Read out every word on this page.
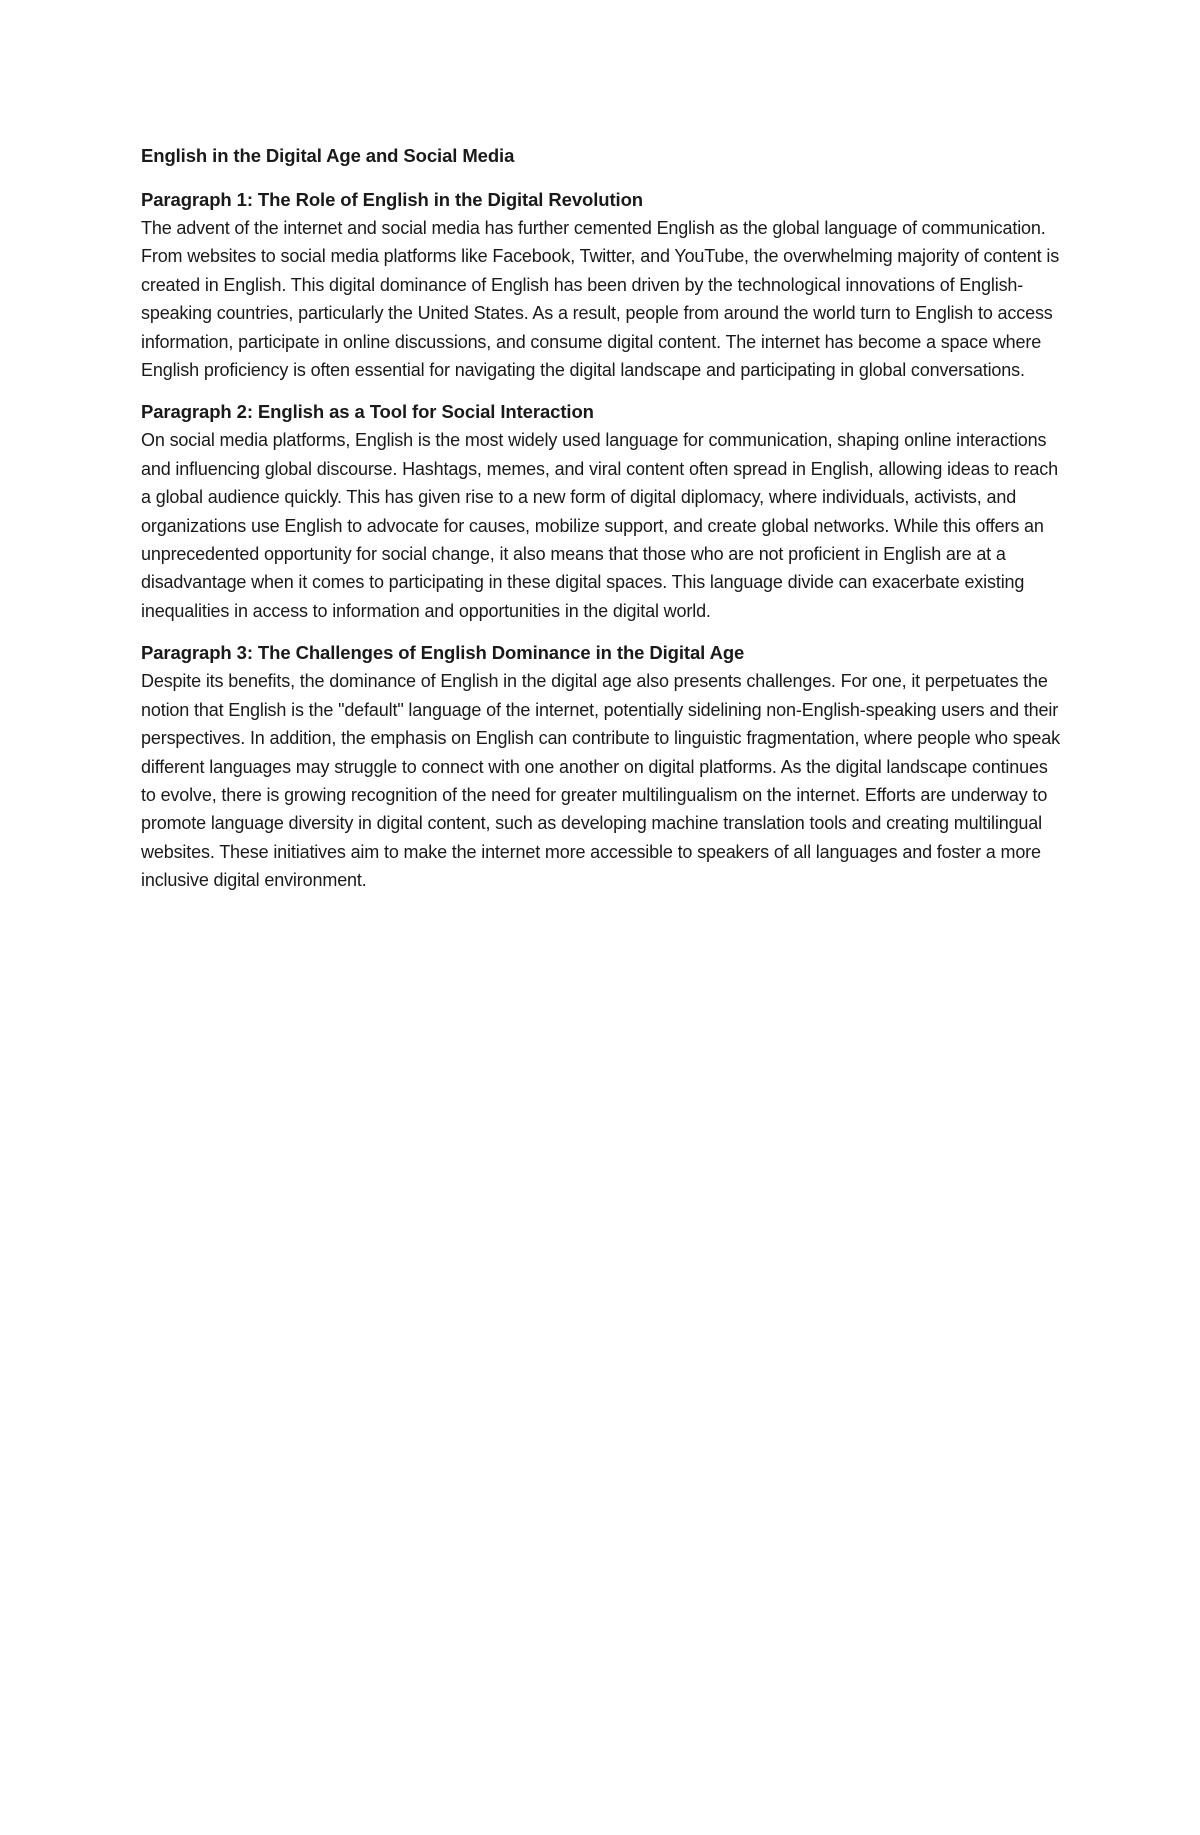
English in the Digital Age and Social Media
Paragraph 1: The Role of English in the Digital Revolution

The advent of the internet and social media has further cemented English as the global language of communication. From websites to social media platforms like Facebook, Twitter, and YouTube, the overwhelming majority of content is created in English. This digital dominance of English has been driven by the technological innovations of English-speaking countries, particularly the United States. As a result, people from around the world turn to English to access information, participate in online discussions, and consume digital content. The internet has become a space where English proficiency is often essential for navigating the digital landscape and participating in global conversations.

Paragraph 2: English as a Tool for Social Interaction

On social media platforms, English is the most widely used language for communication, shaping online interactions and influencing global discourse. Hashtags, memes, and viral content often spread in English, allowing ideas to reach a global audience quickly. This has given rise to a new form of digital diplomacy, where individuals, activists, and organizations use English to advocate for causes, mobilize support, and create global networks. While this offers an unprecedented opportunity for social change, it also means that those who are not proficient in English are at a disadvantage when it comes to participating in these digital spaces. This language divide can exacerbate existing inequalities in access to information and opportunities in the digital world.

Paragraph 3: The Challenges of English Dominance in the Digital Age

Despite its benefits, the dominance of English in the digital age also presents challenges. For one, it perpetuates the notion that English is the "default" language of the internet, potentially sidelining non-English-speaking users and their perspectives. In addition, the emphasis on English can contribute to linguistic fragmentation, where people who speak different languages may struggle to connect with one another on digital platforms. As the digital landscape continues to evolve, there is growing recognition of the need for greater multilingualism on the internet. Efforts are underway to promote language diversity in digital content, such as developing machine translation tools and creating multilingual websites. These initiatives aim to make the internet more accessible to speakers of all languages and foster a more inclusive digital environment.
